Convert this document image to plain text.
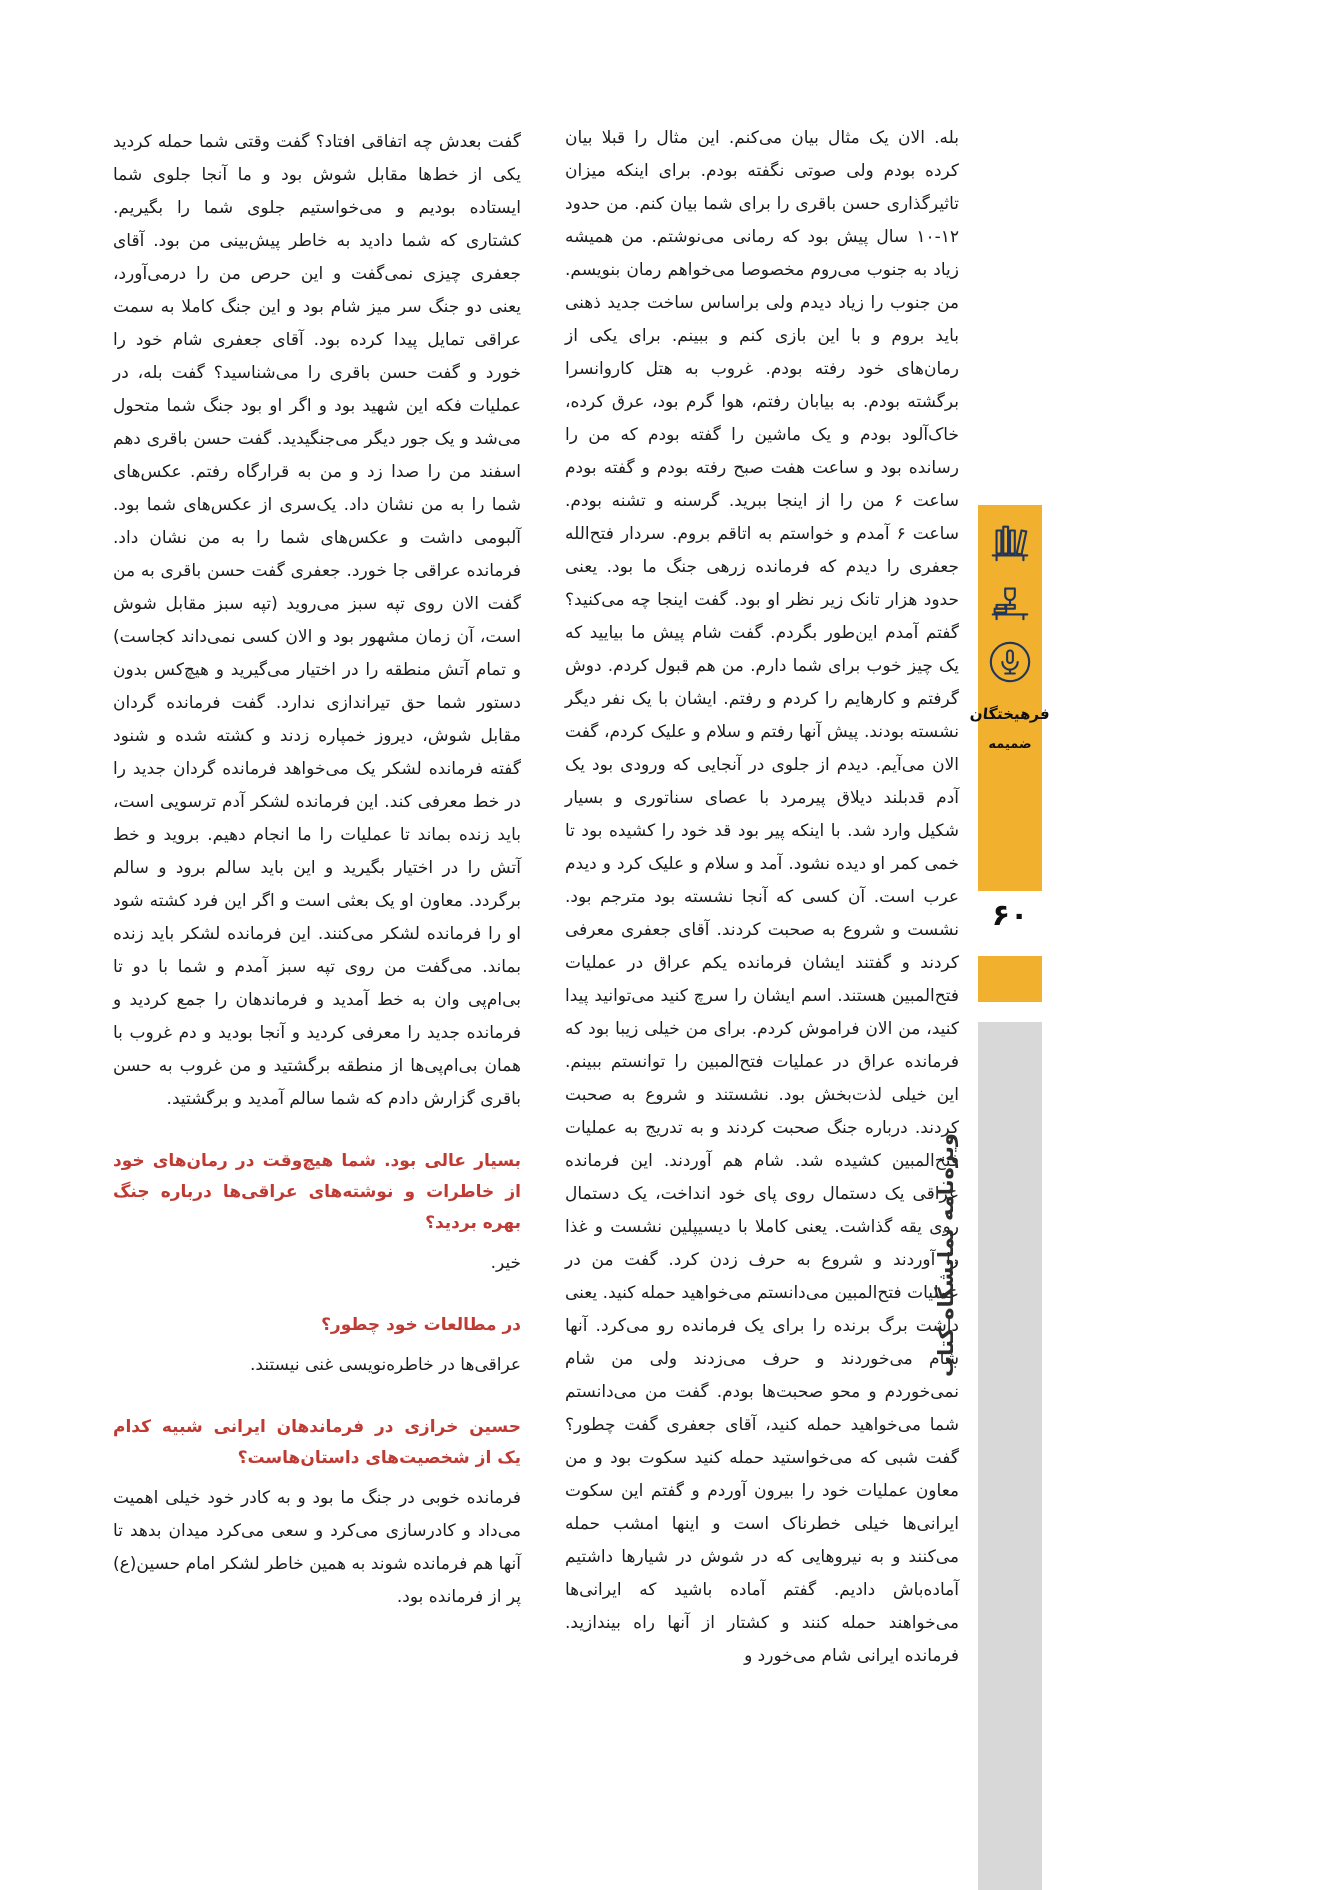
بله. الان یک مثال بیان می‌کنم. این مثال را قبلا بیان کرده بودم ولی صوتی نگفته بودم. برای اینکه میزان تاثیرگذاری حسن باقری را برای شما بیان کنم. من حدود ۱۲-۱۰ سال پیش بود که رمانی می‌نوشتم. من همیشه زیاد به جنوب می‌روم مخصوصا می‌خواهم رمان بنویسم. من جنوب را زیاد دیدم ولی براساس ساخت جدید ذهنی باید بروم و با این بازی کنم و ببینم. برای یکی از رمان‌های خود رفته بودم. غروب به هتل کاروانسرا برگشته بودم. به بیابان رفتم، هوا گرم بود، عرق کرده، خاک‌آلود بودم و یک ماشین را گفته بودم که من را رسانده بود و ساعت هفت صبح رفته بودم و گفته بودم ساعت ۶ من را از اینجا ببرید. گرسنه و تشنه بودم. ساعت ۶ آمدم و خواستم به اتاقم بروم. سردار فتح‌الله جعفری را دیدم که فرمانده زرهی جنگ ما بود. یعنی حدود هزار تانک زیر نظر او بود. گفت اینجا چه می‌کنید؟ گفتم آمدم این‌طور بگردم. گفت شام پیش ما بیایید که یک چیز خوب برای شما دارم. من هم قبول کردم. دوش گرفتم و کارهایم را کردم و رفتم. ایشان با یک نفر دیگر نشسته بودند. پیش آنها رفتم و سلام و علیک کردم، گفت الان می‌آیم. دیدم از جلوی در آنجایی که ورودی بود یک آدم قدبلند دیلاق پیرمرد با عصای سناتوری و بسیار شکیل وارد شد. با اینکه پیر بود قد خود را کشیده بود تا خمی کمر او دیده نشود. آمد و سلام و علیک کرد و دیدم عرب است. آن کسی که آنجا نشسته بود مترجم بود. نشست و شروع به صحبت کردند. آقای جعفری معرفی کردند و گفتند ایشان فرمانده یکم عراق در عملیات فتح‌المبین هستند. اسم ایشان را سرچ کنید می‌توانید پیدا کنید، من الان فراموش کردم. برای من خیلی زیبا بود که فرمانده عراق در عملیات فتح‌المبین را توانستم ببینم. این خیلی لذت‌بخش بود. نشستند و شروع به صحبت کردند. درباره جنگ صحبت کردند و به تدریج به عملیات فتح‌المبین کشیده شد. شام هم آوردند. این فرمانده عراقی یک دستمال روی پای خود انداخت، یک دستمال روی یقه گذاشت. یعنی کاملا با دیسیپلین نشست و غذا را آوردند و شروع به حرف زدن کرد. گفت من در عملیات فتح‌المبین می‌دانستم می‌خواهید حمله کنید. یعنی داشت برگ برنده را برای یک فرمانده رو می‌کرد. آنها شام می‌خوردند و حرف می‌زدند ولی من شام نمی‌خوردم و محو صحبت‌ها بودم. گفت من می‌دانستم شما می‌خواهید حمله کنید، آقای جعفری گفت چطور؟ گفت شبی که می‌خواستید حمله کنید سکوت بود و من معاون عملیات خود را بیرون آوردم و گفتم این سکوت ایرانی‌ها خیلی خطرناک است و اینها امشب حمله می‌کنند و به نیروهایی که در شوش در شیارها داشتیم آماده‌باش دادیم. گفتم آماده باشید که ایرانی‌ها می‌خواهند حمله کنند و کشتار از آنها راه بیندازید. فرمانده ایرانی شام می‌خورد و

گفت بعدش چه اتفاقی افتاد؟ گفت وقتی شما حمله کردید یکی از خط‌ها مقابل شوش بود و ما آنجا جلوی شما ایستاده بودیم و می‌خواستیم جلوی شما را بگیریم. کشتاری که شما دادید به خاطر پیش‌بینی من بود. آقای جعفری چیزی نمی‌گفت و این حرص من را درمی‌آورد، یعنی دو جنگ سر میز شام بود و این جنگ کاملا به سمت عراقی تمایل پیدا کرده بود. آقای جعفری شام خود را خورد و گفت حسن باقری را می‌شناسید؟ گفت بله، در عملیات فکه این شهید بود و اگر او بود جنگ شما متحول می‌شد و یک جور دیگر می‌جنگیدید. گفت حسن باقری دهم اسفند من را صدا زد و من به قرارگاه رفتم. عکس‌های شما را به من نشان داد. یک‌سری از عکس‌های شما بود. آلبومی داشت و عکس‌های شما را به من نشان داد. فرمانده عراقی جا خورد. جعفری گفت حسن باقری به من گفت الان روی تپه سبز می‌روید (تپه سبز مقابل شوش است، آن زمان مشهور بود و الان کسی نمی‌داند کجاست) و تمام آتش منطقه را در اختیار می‌گیرید و هیچ‌کس بدون دستور شما حق تیراندازی ندارد. گفت فرمانده گردان مقابل شوش، دیروز خمپاره زدند و کشته شده و شنود گفته فرمانده لشکر یک می‌خواهد فرمانده گردان جدید را در خط معرفی کند. این فرمانده لشکر آدم ترسویی است، باید زنده بماند تا عملیات را ما انجام دهیم. بروید و خط آتش را در اختیار بگیرید و این باید سالم برود و سالم برگردد. معاون او یک بعثی است و اگر این فرد کشته شود او را فرمانده لشکر می‌کنند. این فرمانده لشکر باید زنده بماند. می‌گفت من روی تپه سبز آمدم و شما با دو تا بی‌ام‌پی وان به خط آمدید و فرماندهان را جمع کردید و فرمانده جدید را معرفی کردید و آنجا بودید و دم غروب با همان بی‌ام‌پی‌ها از منطقه برگشتید و من غروب به حسن باقری گزارش دادم که شما سالم آمدید و برگشتید.

بسیار عالی بود. شما هیچ‌وقت در رمان‌های خود از خاطرات و نوشته‌های عراقی‌ها درباره جنگ بهره بردید؟

خیر.

در مطالعات خود چطور؟

عراقی‌ها در خاطره‌نویسی غنی نیستند.

حسین خرازی در فرماندهان ایرانی شبیه کدام یک از شخصیت‌های داستان‌هاست؟

فرمانده خوبی در جنگ ما بود و به کادر خود خیلی اهمیت می‌داد و کادرسازی می‌کرد و سعی می‌کرد میدان بدهد تا آنها هم فرمانده شوند به همین خاطر لشکر امام حسین(ع) پر از فرمانده بود.

فرهیختگان
ضمیمه
۶۰
ویژه‌نامه نمایشگاه کتاب
